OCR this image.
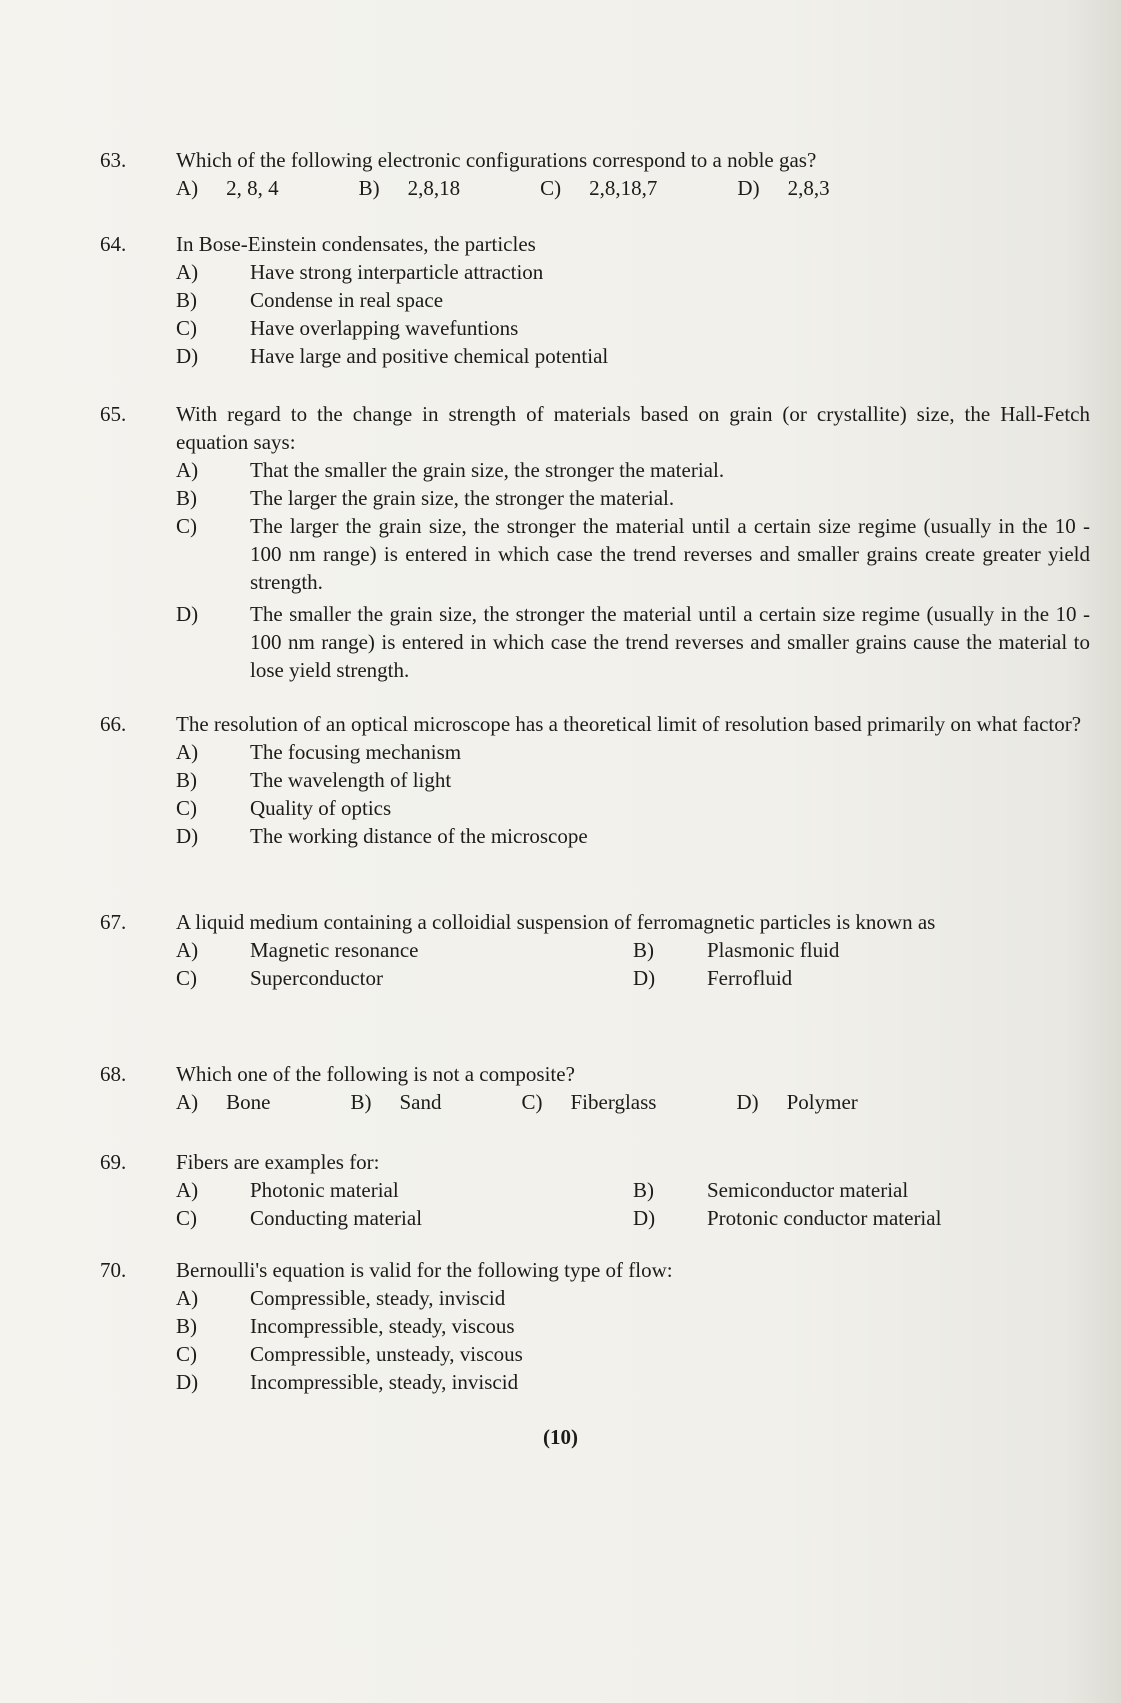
63.	Which of the following electronic configurations correspond to a noble gas?
A) 2, 8, 4	B) 2,8,18	C) 2,8,18,7	D) 2,8,3
64.	In Bose-Einstein condensates, the particles
A)	Have strong interparticle attraction
B)	Condense in real space
C)	Have overlapping wavefuntions
D)	Have large and positive chemical potential
65.	With regard to the change in strength of materials based on grain (or crystallite) size, the Hall-Fetch equation says:
A)	That the smaller the grain size, the stronger the material.
B)	The larger the grain size, the stronger the material.
C)	The larger the grain size, the stronger the material until a certain size regime (usually in the 10 - 100 nm range) is entered in which case the trend reverses and smaller grains create greater yield strength.
D)	The smaller the grain size, the stronger the material until a certain size regime (usually in the 10 - 100 nm range) is entered in which case the trend reverses and smaller grains cause the material to lose yield strength.
66.	The resolution of an optical microscope has a theoretical limit of resolution based primarily on what factor?
A)	The focusing mechanism
B)	The wavelength of light
C)	Quality of optics
D)	The working distance of the microscope
67.	A liquid medium containing a colloidial suspension of ferromagnetic particles is known as
A)	Magnetic resonance	B)	Plasmonic fluid
C)	Superconductor	D)	Ferrofluid
68.	Which one of the following is not a composite?
A) Bone	B) Sand	C) Fiberglass	D) Polymer
69.	Fibers are examples for:
A)	Photonic material	B)	Semiconductor material
C)	Conducting material	D)	Protonic conductor material
70.	Bernoulli's equation is valid for the following type of flow:
A)	Compressible, steady, inviscid
B)	Incompressible, steady, viscous
C)	Compressible, unsteady, viscous
D)	Incompressible, steady, inviscid
(10)
